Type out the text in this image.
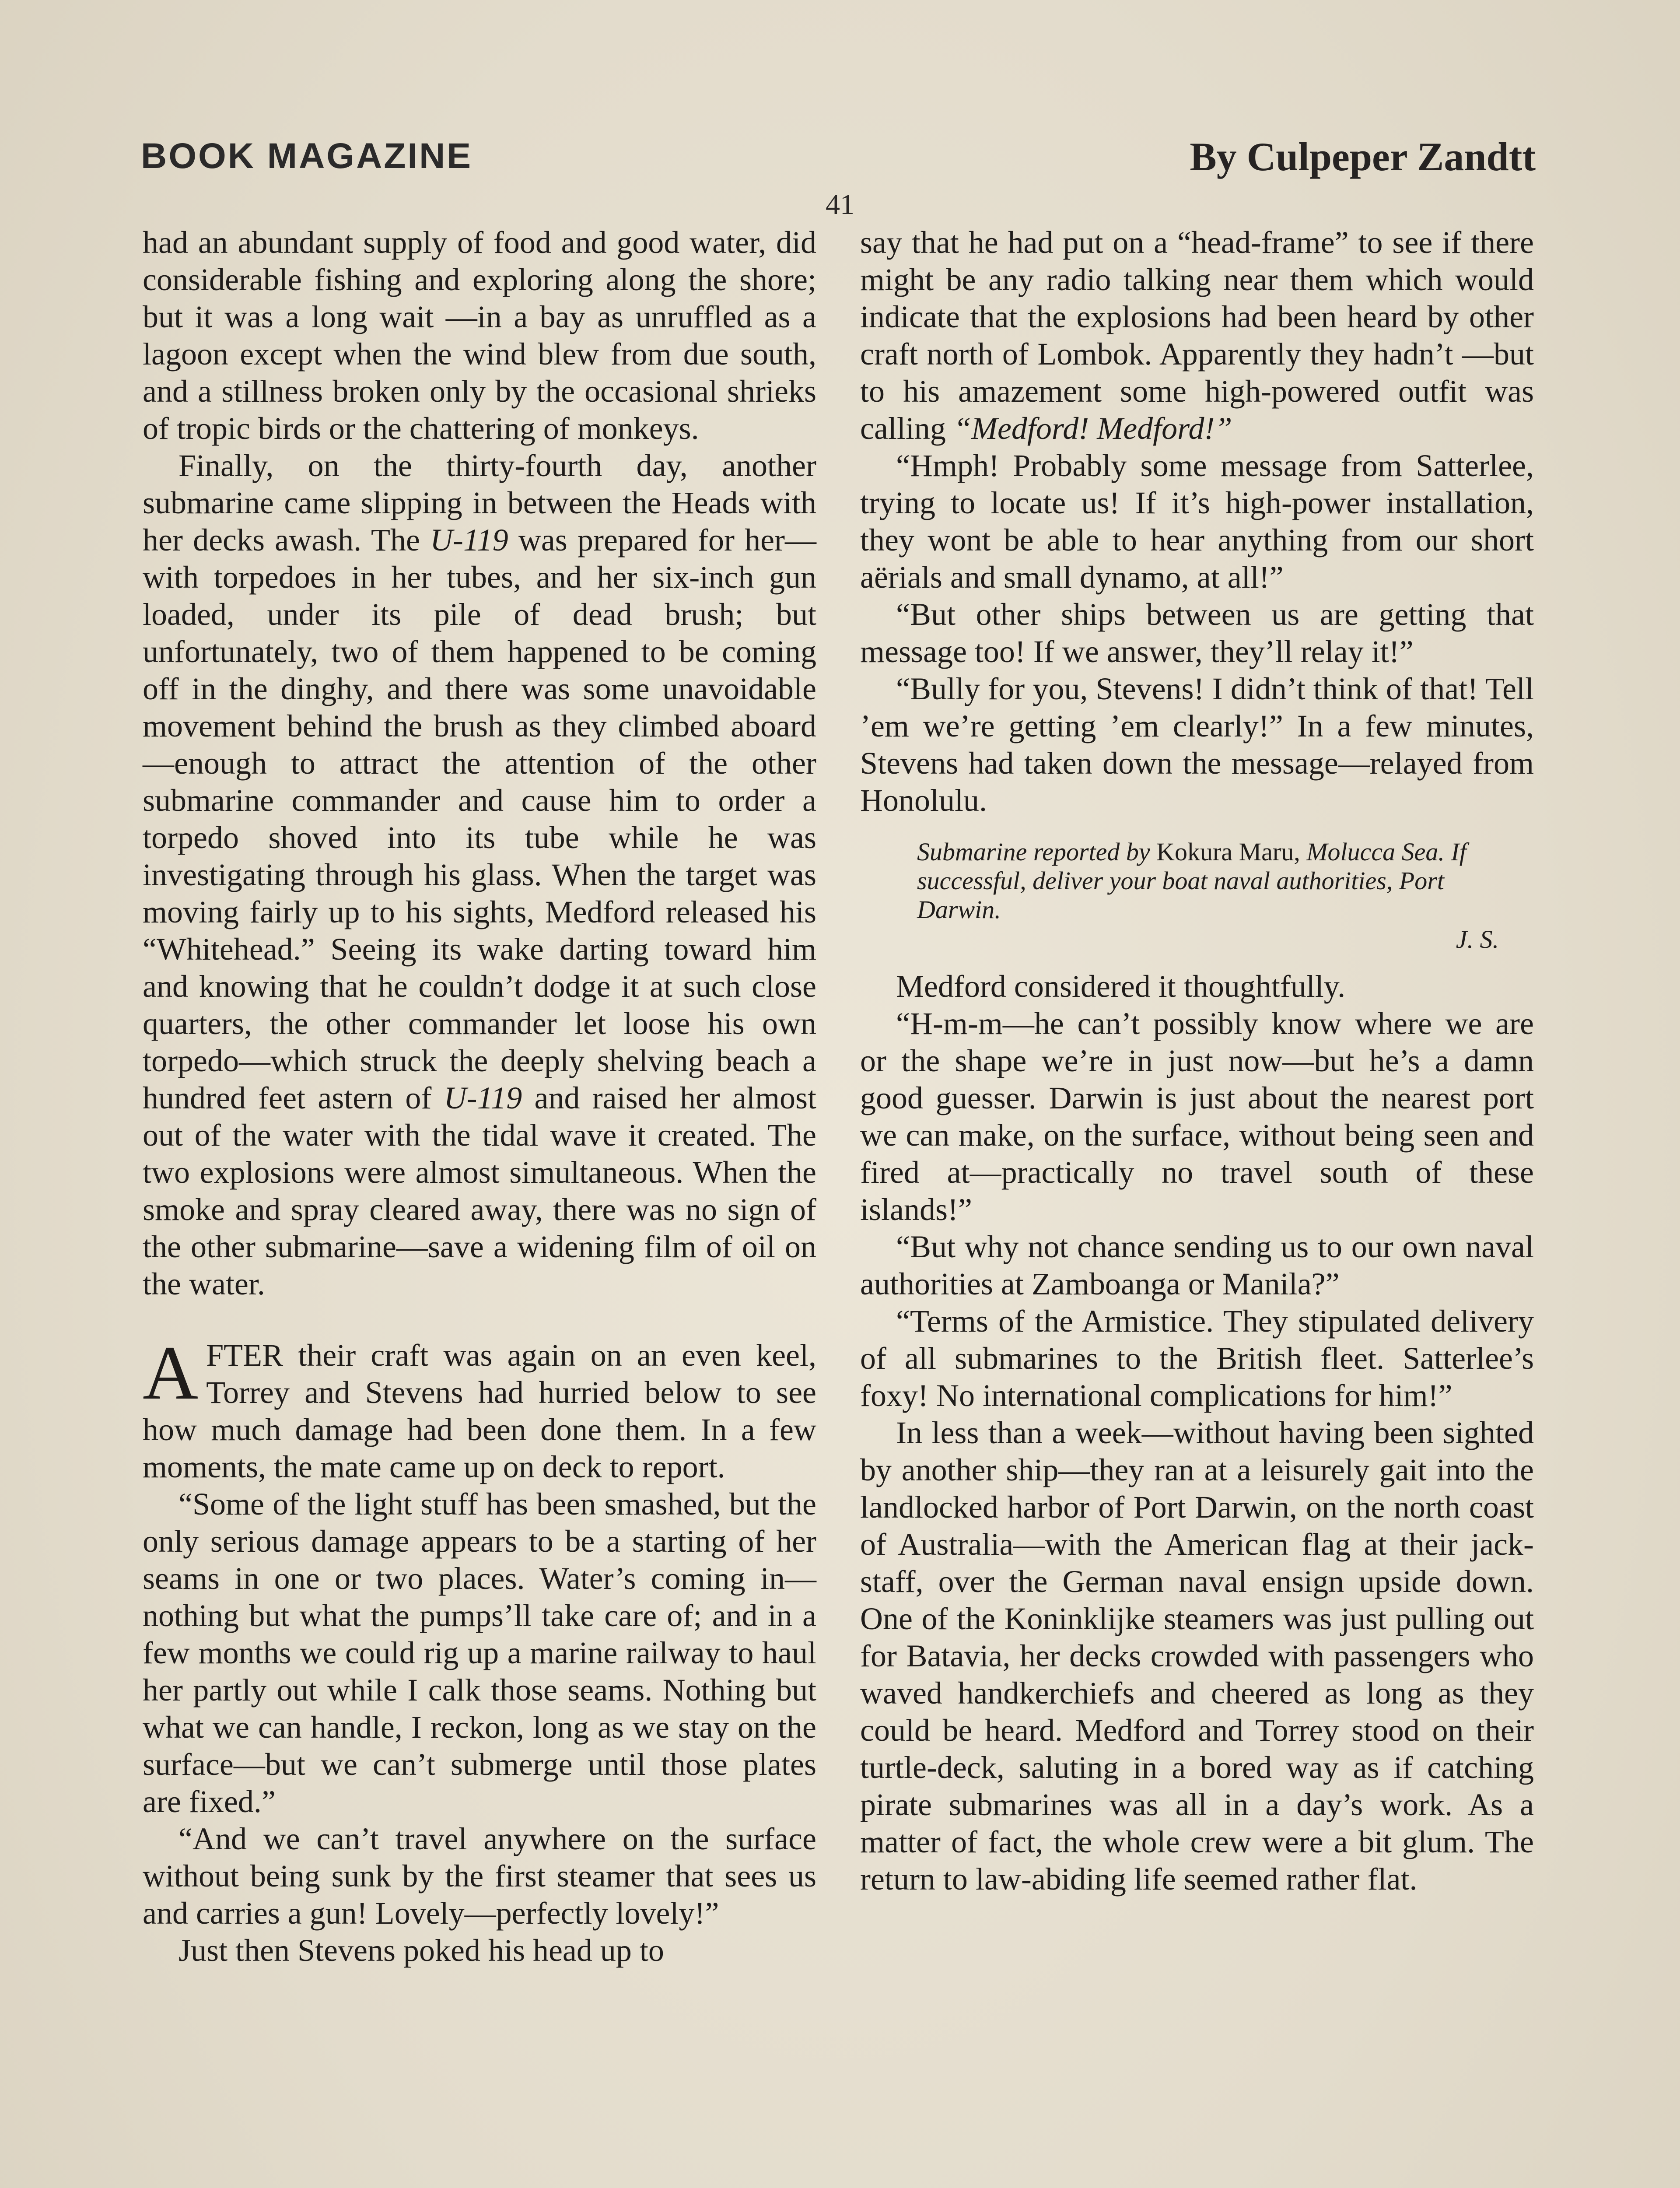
BOOK MAGAZINE	By Culpeper Zandtt
41

had an abundant supply of food and good water, did considerable fishing and exploring along the shore; but it was a long wait —in a bay as unruffled as a lagoon except when the wind blew from due south, and a stillness broken only by the occasional shrieks of tropic birds or the chattering of monkeys.

Finally, on the thirty-fourth day, another submarine came slipping in between the Heads with her decks awash. The U-119 was prepared for her—with torpedoes in her tubes, and her six-inch gun loaded, under its pile of dead brush; but unfortunately, two of them happened to be coming off in the dinghy, and there was some unavoidable movement behind the brush as they climbed aboard—enough to attract the attention of the other submarine commander and cause him to order a torpedo shoved into its tube while he was investigating through his glass. When the target was moving fairly up to his sights, Medford released his “Whitehead.” Seeing its wake darting toward him and knowing that he couldn’t dodge it at such close quarters, the other commander let loose his own torpedo—which struck the deeply shelving beach a hundred feet astern of U-119 and raised her almost out of the water with the tidal wave it created. The two explosions were almost simultaneous. When the smoke and spray cleared away, there was no sign of the other submarine—save a widening film of oil on the water.

AFTER their craft was again on an even keel, Torrey and Stevens had hurried below to see how much damage had been done them. In a few moments, the mate came up on deck to report.

“Some of the light stuff has been smashed, but the only serious damage appears to be a starting of her seams in one or two places. Water’s coming in—nothing but what the pumps’ll take care of; and in a few months we could rig up a marine railway to haul her partly out while I calk those seams. Nothing but what we can handle, I reckon, long as we stay on the surface—but we can’t submerge until those plates are fixed.”

“And we can’t travel anywhere on the surface without being sunk by the first steamer that sees us and carries a gun! Lovely—perfectly lovely!”

Just then Stevens poked his head up to

say that he had put on a “head-frame” to see if there might be any radio talking near them which would indicate that the explosions had been heard by other craft north of Lombok. Apparently they hadn’t —but to his amazement some high-powered outfit was calling “Medford! Medford!”

“Hmph! Probably some message from Satterlee, trying to locate us! If it’s high-power installation, they wont be able to hear anything from our short aërials and small dynamo, at all!”

“But other ships between us are getting that message too! If we answer, they’ll relay it!”

“Bully for you, Stevens! I didn’t think of that! Tell ’em we’re getting ’em clearly!” In a few minutes, Stevens had taken down the message—relayed from Honolulu.

Submarine reported by Kokura Maru, Molucca Sea. If successful, deliver your boat naval authorities, Port Darwin.
J. S.

Medford considered it thoughtfully.

“H-m-m—he can’t possibly know where we are or the shape we’re in just now—but he’s a damn good guesser. Darwin is just about the nearest port we can make, on the surface, without being seen and fired at—practically no travel south of these islands!”

“But why not chance sending us to our own naval authorities at Zamboanga or Manila?”

“Terms of the Armistice. They stipulated delivery of all submarines to the British fleet. Satterlee’s foxy! No international complications for him!”

In less than a week—without having been sighted by another ship—they ran at a leisurely gait into the landlocked harbor of Port Darwin, on the north coast of Australia—with the American flag at their jack-staff, over the German naval ensign upside down. One of the Koninklijke steamers was just pulling out for Batavia, her decks crowded with passengers who waved handkerchiefs and cheered as long as they could be heard. Medford and Torrey stood on their turtle-deck, saluting in a bored way as if catching pirate submarines was all in a day’s work. As a matter of fact, the whole crew were a bit glum. The return to law-abiding life seemed rather flat.
